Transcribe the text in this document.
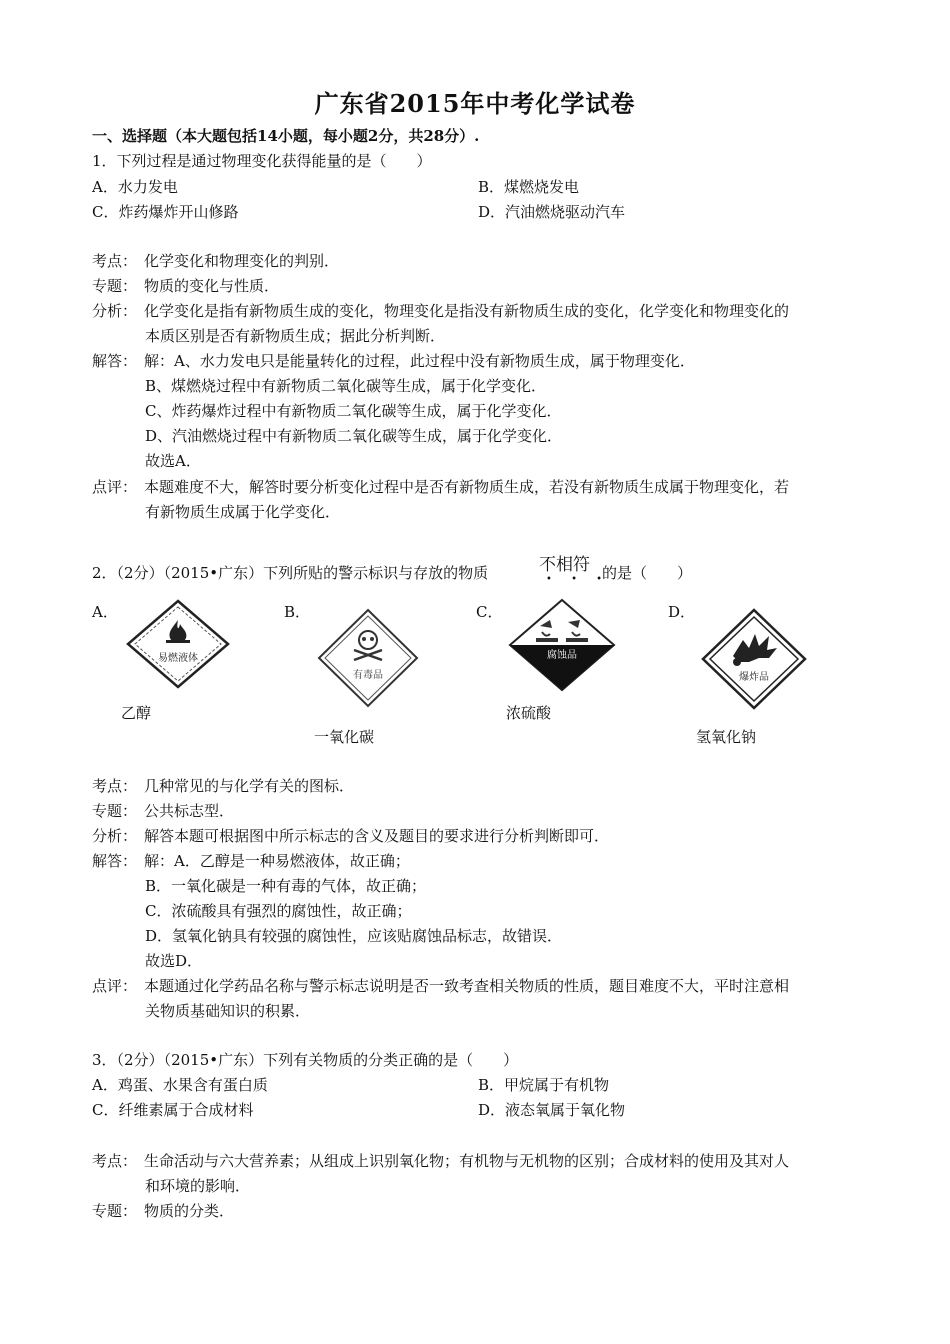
广东省2015年中考化学试卷
一、选择题（本大题包括14小题，每小题2分，共28分）.
1．下列过程是通过物理变化获得能量的是（　　）
A．水力发电	B．煤燃烧发电
C．炸药爆炸开山修路	D．汽油燃烧驱动汽车
考点： 化学变化和物理变化的判别．
专题： 物质的变化与性质．
分析： 化学变化是指有新物质生成的变化，物理变化是指没有新物质生成的变化，化学变化和物理变化的
本质区别是否有新物质生成；据此分析判断．
解答： 解：A、水力发电只是能量转化的过程，此过程中没有新物质生成，属于物理变化．
B、煤燃烧过程中有新物质二氧化碳等生成，属于化学变化．
C、炸药爆炸过程中有新物质二氧化碳等生成，属于化学变化．
D、汽油燃烧过程中有新物质二氧化碳等生成，属于化学变化．
故选A．
点评： 本题难度不大，解答时要分析变化过程中是否有新物质生成，若没有新物质生成属于物理变化，若
有新物质生成属于化学变化．
2．（2分）（2015•广东）下列所贴的警示标识与存放的物质	不相符
• • •
的是（　　）
A．	B．	C．	D．
易燃液体
有毒品
腐蚀品
爆炸品
乙醇
一氧化碳
浓硫酸
氢氧化钠
考点： 几种常见的与化学有关的图标．
专题： 公共标志型．
分析： 解答本题可根据图中所示标志的含义及题目的要求进行分析判断即可．
解答： 解：A．乙醇是一种易燃液体，故正确；
B．一氧化碳是一种有毒的气体，故正确；
C．浓硫酸具有强烈的腐蚀性，故正确；
D．氢氧化钠具有较强的腐蚀性，应该贴腐蚀品标志，故错误．
故选D．
点评： 本题通过化学药品名称与警示标志说明是否一致考查相关物质的性质，题目难度不大，平时注意相
关物质基础知识的积累．
3．（2分）（2015•广东）下列有关物质的分类正确的是（　　）
A．鸡蛋、水果含有蛋白质	B．甲烷属于有机物
C．纤维素属于合成材料	D．液态氧属于氧化物
考点： 生命活动与六大营养素；从组成上识别氧化物；有机物与无机物的区别；合成材料的使用及其对人
和环境的影响．
专题： 物质的分类．
